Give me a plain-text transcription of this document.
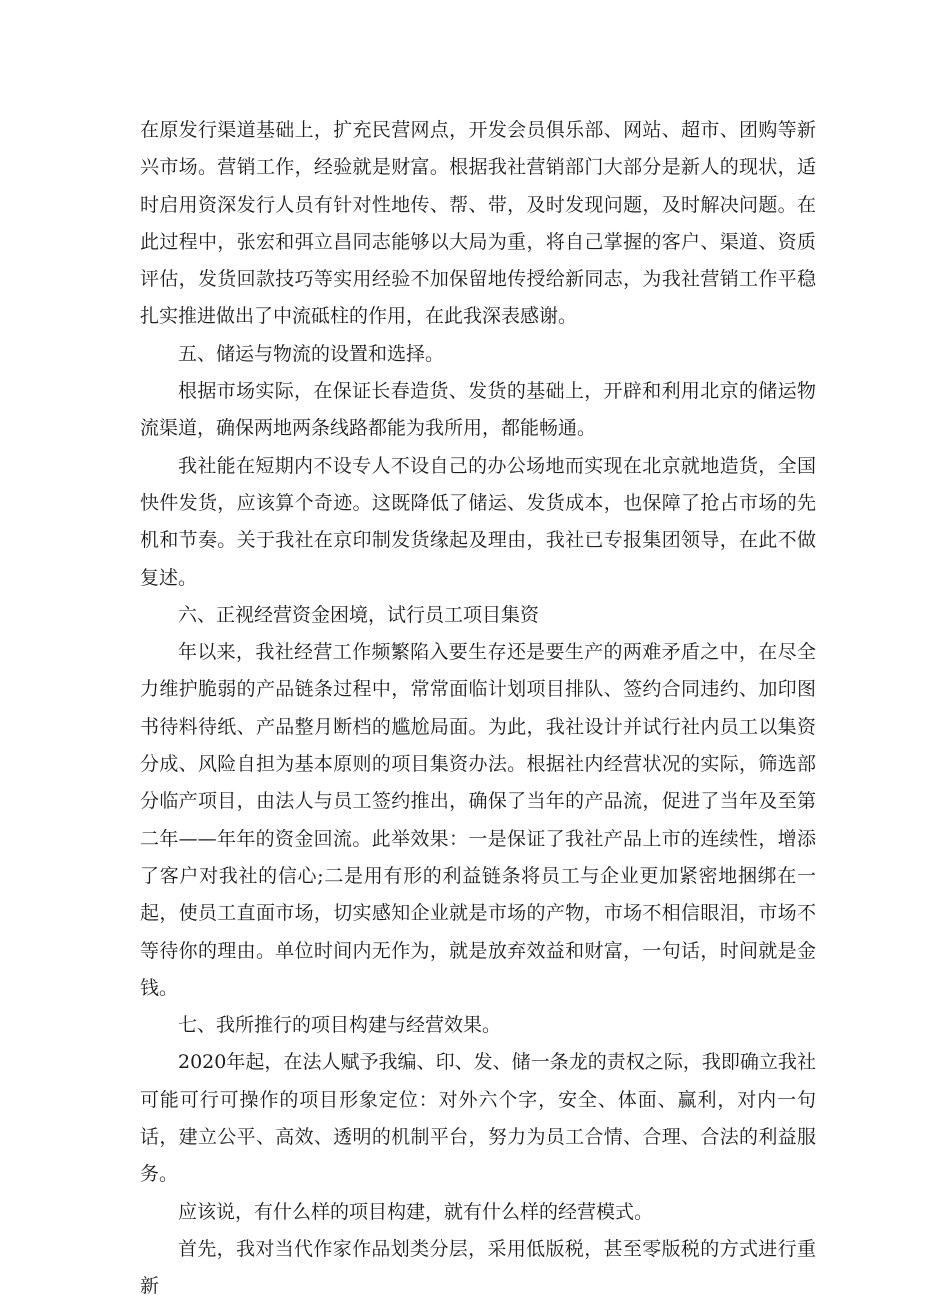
在原发行渠道基础上，扩充民营网点，开发会员俱乐部、网站、超市、团购等新兴市场。营销工作，经验就是财富。根据我社营销部门大部分是新人的现状，适时启用资深发行人员有针对性地传、帮、带，及时发现问题，及时解决问题。在此过程中，张宏和弭立昌同志能够以大局为重，将自己掌握的客户、渠道、资质评估，发货回款技巧等实用经验不加保留地传授给新同志，为我社营销工作平稳扎实推进做出了中流砥柱的作用，在此我深表感谢。

五、储运与物流的设置和选择。

根据市场实际，在保证长春造货、发货的基础上，开辟和利用北京的储运物流渠道，确保两地两条线路都能为我所用，都能畅通。

我社能在短期内不设专人不设自己的办公场地而实现在北京就地造货，全国快件发货，应该算个奇迹。这既降低了储运、发货成本，也保障了抢占市场的先机和节奏。关于我社在京印制发货缘起及理由，我社已专报集团领导，在此不做复述。

六、正视经营资金困境，试行员工项目集资

年以来，我社经营工作频繁陷入要生存还是要生产的两难矛盾之中，在尽全力维护脆弱的产品链条过程中，常常面临计划项目排队、签约合同违约、加印图书待料待纸、产品整月断档的尴尬局面。为此，我社设计并试行社内员工以集资分成、风险自担为基本原则的项目集资办法。根据社内经营状况的实际，筛选部分临产项目，由法人与员工签约推出，确保了当年的产品流，促进了当年及至第二年——年年的资金回流。此举效果：一是保证了我社产品上市的连续性，增添了客户对我社的信心;二是用有形的利益链条将员工与企业更加紧密地捆绑在一起，使员工直面市场，切实感知企业就是市场的产物，市场不相信眼泪，市场不等待你的理由。单位时间内无作为，就是放弃效益和财富，一句话，时间就是金钱。

七、我所推行的项目构建与经营效果。

2020年起，在法人赋予我编、印、发、储一条龙的责权之际，我即确立我社可能可行可操作的项目形象定位：对外六个字，安全、体面、赢利，对内一句话，建立公平、高效、透明的机制平台，努力为员工合情、合理、合法的利益服务。

应该说，有什么样的项目构建，就有什么样的经营模式。

首先，我对当代作家作品划类分层，采用低版税，甚至零版税的方式进行重新
